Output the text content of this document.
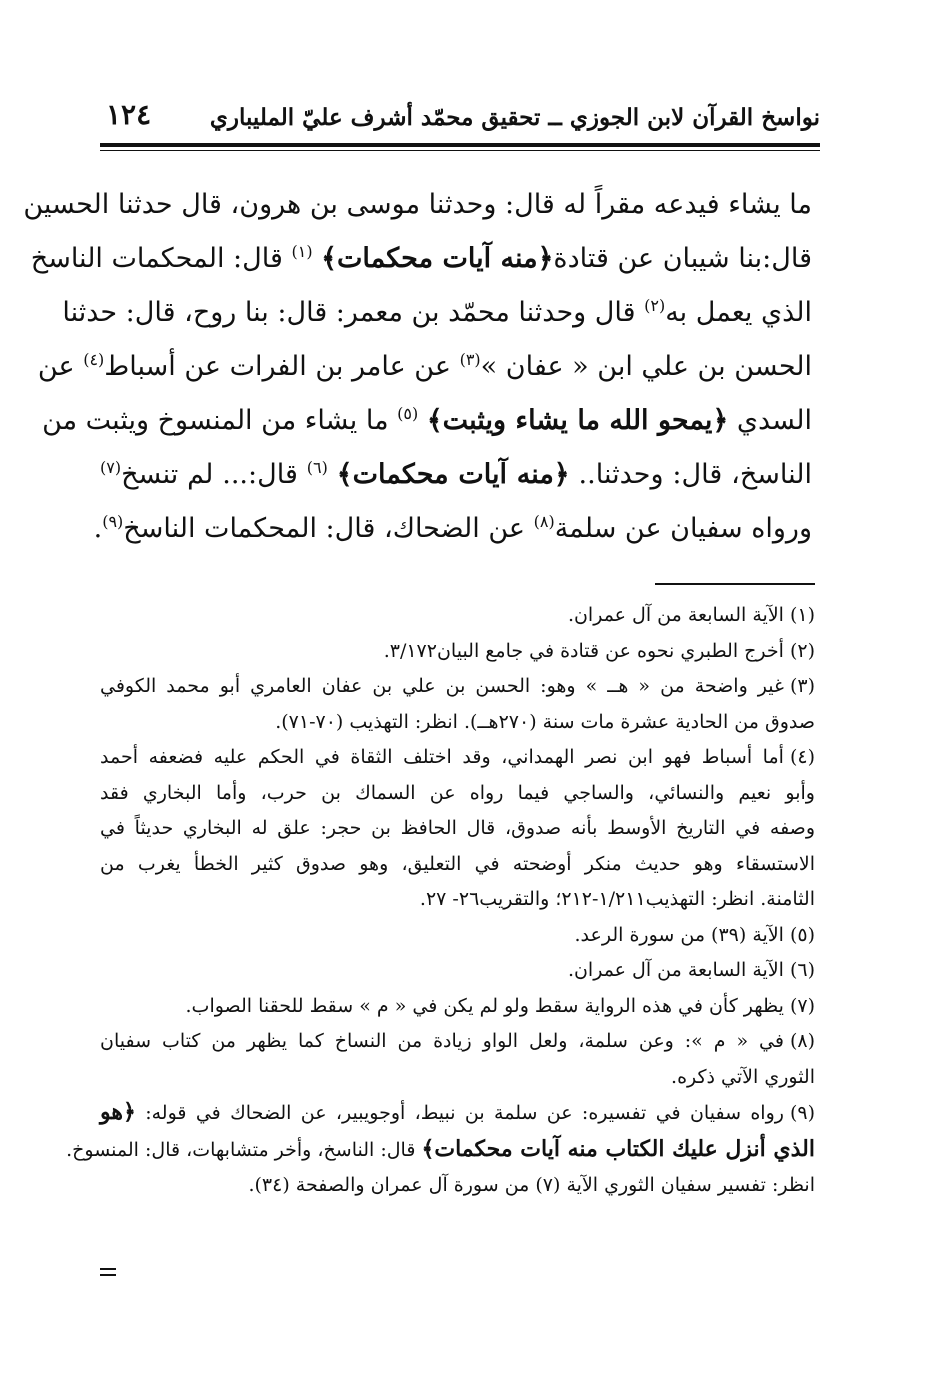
نواسخ القرآن لابن الجوزي ــ تحقيق محمّد أشرف عليّ المليباري
١٢٤
ما يشاء فيدعه مقراً له قال: وحدثنا موسى بن هرون، قال حدثنا الحسين
قال:بنا شيبان عن قتادة﴿منه آيات محكمات﴾ $^{(١)}$ قال: المحكمات الناسخ
الذي يعمل به$^{(٢)}$ قال وحدثنا محمّد بن معمر: قال: بنا روح، قال: حدثنا
الحسن بن علي ابن « عفان »$^{(٣)}$ عن عامر بن الفرات عن أسباط$^{(٤)}$ عن
السدي ﴿يمحو الله ما يشاء ويثبت﴾ $^{(٥)}$ ما يشاء من المنسوخ ويثبت من
الناسخ، قال: وحدثنا.. ﴿منه آيات محكمات﴾ $^{(٦)}$ قال:... لم تنسخ$^{(٧)}$
ورواه سفيان عن سلمة$^{(٨)}$ عن الضحاك، قال: المحكمات الناسخ$^{(٩)}$.
(١)الآية السابعة من آل عمران.
(٢)أخرج الطبري نحوه عن قتادة في جامع البيان٣/١٧٢.
(٣)غير واضحة من « هــ » وهو: الحسن بن علي بن عفان العامري أبو محمد الكوفي
صدوق من الحادية عشرة مات سنة (٢٧٠هــ). انظر: التهذيب (٧٠-٧١).
(٤)أما أسباط فهو ابن نصر الهمداني، وقد اختلف الثقاة في الحكم عليه فضعفه أحمد
وأبو نعيم والنسائي، والساجي فيما رواه عن السماك بن حرب، وأما البخاري فقد
وصفه في التاريخ الأوسط بأنه صدوق، قال الحافظ بن حجر: علق له البخاري حديثاً في
الاستسقاء وهو حديث منكر أوضحته في التعليق، وهو صدوق كثير الخطأ يغرب من
الثامنة. انظر: التهذيب١/٢١١-٢١٢؛ والتقريب٢٦- ٢٧.
(٥)الآية (٣٩) من سورة الرعد.
(٦)الآية السابعة من آل عمران.
(٧)يظهر كأن في هذه الرواية سقط ولو لم يكن في « م » سقط للحقنا الصواب.
(٨)في « م »: وعن سلمة، ولعل الواو زيادة من النساخ كما يظهر من كتاب سفيان
الثوري الآتي ذكره.
(٩)رواه سفيان في تفسيره: عن سلمة بن نبيط، أوجويبير، عن الضحاك في قوله: ﴿هو
الذي أنزل عليك الكتاب منه آيات محكمات﴾ قال: الناسخ، وأخر متشابهات، قال: المنسوخ.
انظر: تفسير سفيان الثوري الآية (٧) من سورة آل عمران والصفحة (٣٤).
